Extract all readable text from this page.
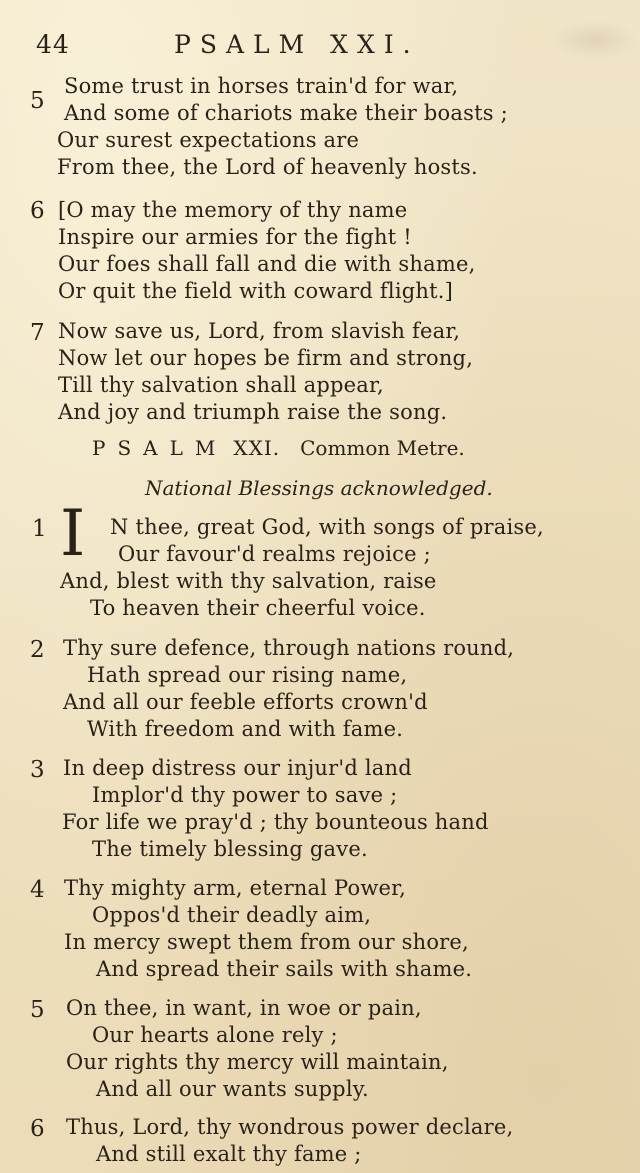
44	PSALM XXI.
5
Some trust in horses train'd for war,
And some of chariots make their boasts ;
Our surest expectations are
From thee, the Lord of heavenly hosts.
6 [O may the memory of thy name
Inspire our armies for the fight !
Our foes shall fall and die with shame,
Or quit the field with coward flight.]
7 Now save us, Lord, from slavish fear,
Now let our hopes be firm and strong,
Till thy salvation shall appear,
And joy and triumph raise the song.
PSALM XXI. Common Metre.
National Blessings acknowledged.
1	N thee, great God, with songs of praise,
Our favour'd realms rejoice ;
And, blest with thy salvation, raise
To heaven their cheerful voice.
I
2 Thy sure defence, through nations round,
Hath spread our rising name,
And all our feeble efforts crown'd
With freedom and with fame.
3 In deep distress our injur'd land
Implor'd thy power to save ;
For life we pray'd ; thy bounteous hand
The timely blessing gave.
4 Thy mighty arm, eternal Power,
Oppos'd their deadly aim,
In mercy swept them from our shore,
And spread their sails with shame.
5 On thee, in want, in woe or pain,
Our hearts alone rely ;
Our rights thy mercy will maintain,
And all our wants supply.
6 Thus, Lord, thy wondrous power declare,
And still exalt thy fame ;
